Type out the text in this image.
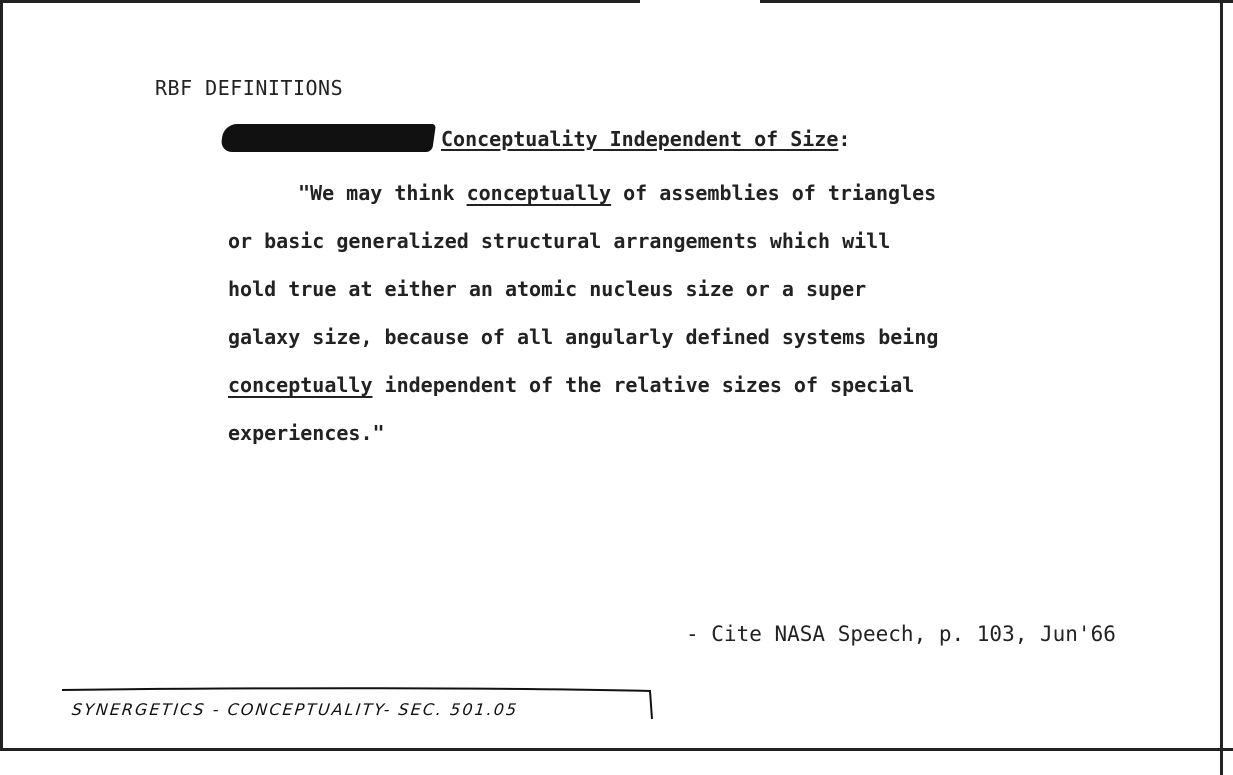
RBF DEFINITIONS
Conceptuality Independent of Size:
"We may think conceptually of assemblies of triangles
or basic generalized structural arrangements which will
hold true at either an atomic nucleus size or a super
galaxy size, because of all angularly defined systems being
conceptually independent of the relative sizes of special
experiences."
- Cite NASA Speech, p. 103, Jun'66
SYNERGETICS - CONCEPTUALITY- SEC. 501.05
